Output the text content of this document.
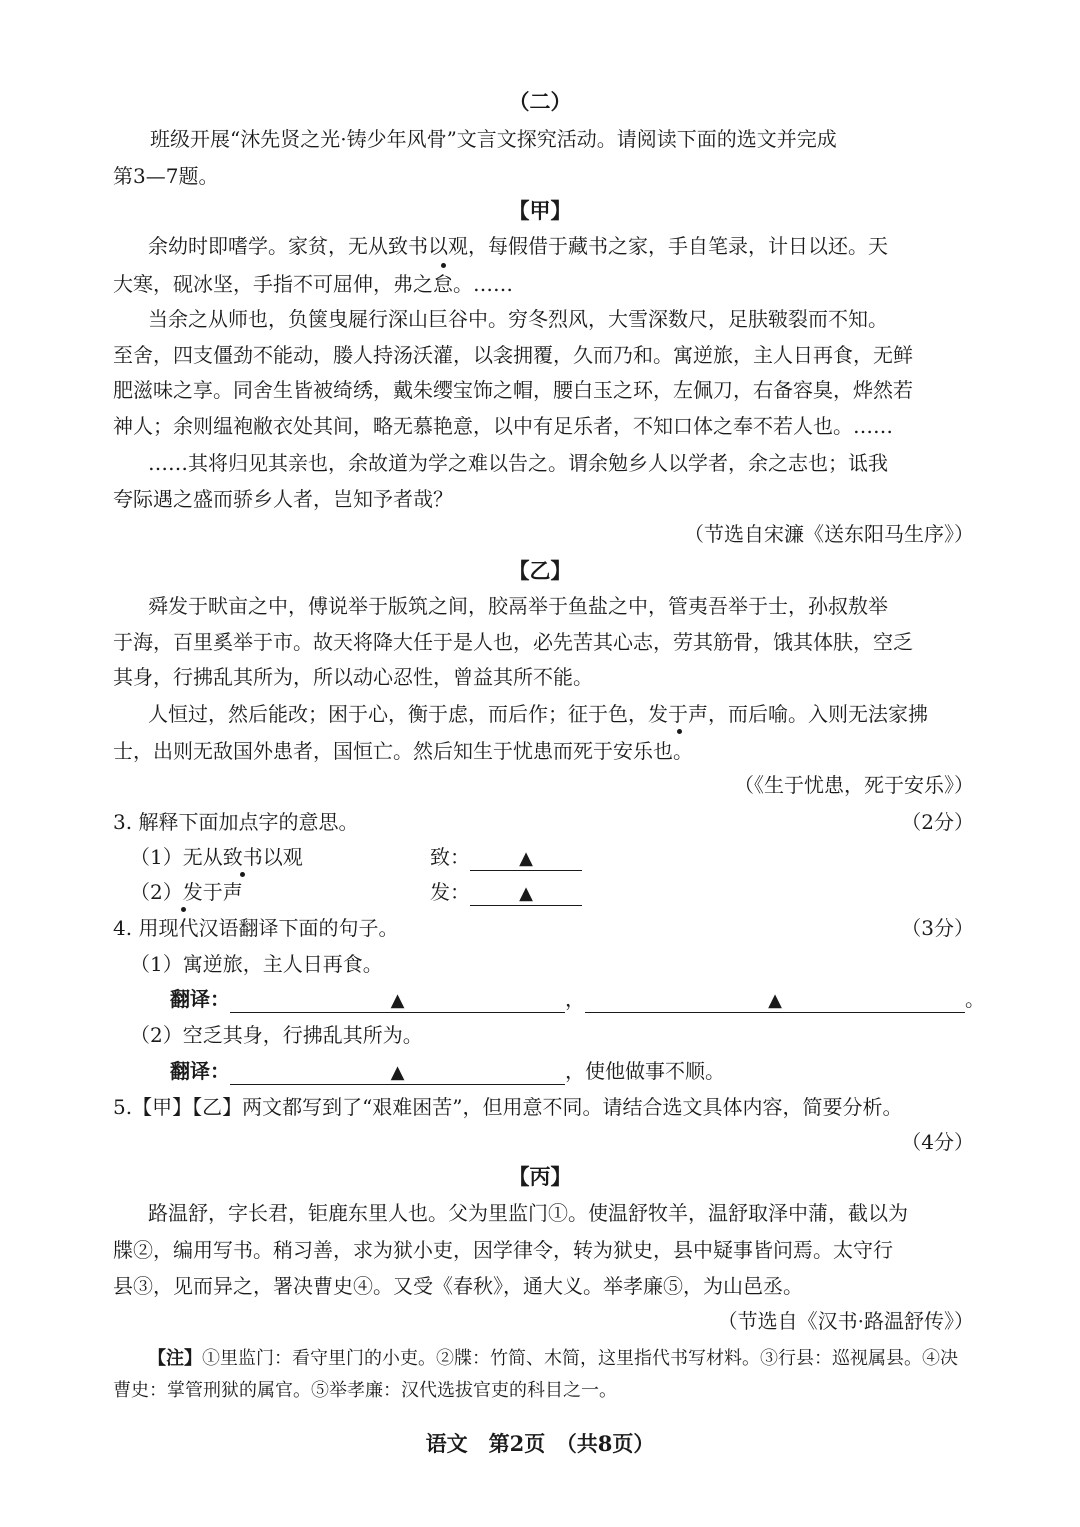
（二）
班级开展“沐先贤之光·铸少年风骨”文言文探究活动。请阅读下面的选文并完成
第3—7题。
【甲】
余幼时即嗜学。家贫，无从致书以观，每假借于藏书之家，手自笔录，计日以还。天
大寒，砚冰坚，手指不可屈伸，弗之怠。……
当余之从师也，负箧曳屣行深山巨谷中。穷冬烈风，大雪深数尺，足肤皲裂而不知。
至舍，四支僵劲不能动，媵人持汤沃灌，以衾拥覆，久而乃和。寓逆旅，主人日再食，无鲜
肥滋味之享。同舍生皆被绮绣，戴朱缨宝饰之帽，腰白玉之环，左佩刀，右备容臭，烨然若
神人；余则缊袍敝衣处其间，略无慕艳意，以中有足乐者，不知口体之奉不若人也。……
……其将归见其亲也，余故道为学之难以告之。谓余勉乡人以学者，余之志也；诋我
夸际遇之盛而骄乡人者，岂知予者哉？
（节选自宋濂《送东阳马生序》）
【乙】
舜发于畎亩之中，傅说举于版筑之间，胶鬲举于鱼盐之中，管夷吾举于士，孙叔敖举
于海，百里奚举于市。故天将降大任于是人也，必先苦其心志，劳其筋骨，饿其体肤，空乏
其身，行拂乱其所为，所以动心忍性，曾益其所不能。
人恒过，然后能改；困于心，衡于虑，而后作；征于色，发于声，而后喻。入则无法家拂
士，出则无敌国外患者，国恒亡。然后知生于忧患而死于安乐也。
（《生于忧患，死于安乐》）
3. 解释下面加点字的意思。	（2分）
（1）无从致书以观	致：	▲
（2）发于声	发：	▲
4. 用现代汉语翻译下面的句子。	（3分）
（1）寓逆旅，主人日再食。
翻译：	▲	，	▲	。
（2）空乏其身，行拂乱其所为。
翻译：	▲	，使他做事不顺。
5.【甲】【乙】两文都写到了“艰难困苦”，但用意不同。请结合选文具体内容，简要分析。
（4分）
【丙】
路温舒，字长君，钜鹿东里人也。父为里监门①。使温舒牧羊，温舒取泽中蒲，截以为
牒②，编用写书。稍习善，求为狱小吏，因学律令，转为狱史，县中疑事皆问焉。太守行
县③，见而异之，署决曹史④。又受《春秋》，通大义。举孝廉⑤，为山邑丞。
（节选自《汉书·路温舒传》）
【注】①里监门：看守里门的小吏。②牒：竹简、木简，这里指代书写材料。③行县：巡视属县。④决
曹史：掌管刑狱的属官。⑤举孝廉：汉代选拔官吏的科目之一。
语文　第2页　（共8页）
